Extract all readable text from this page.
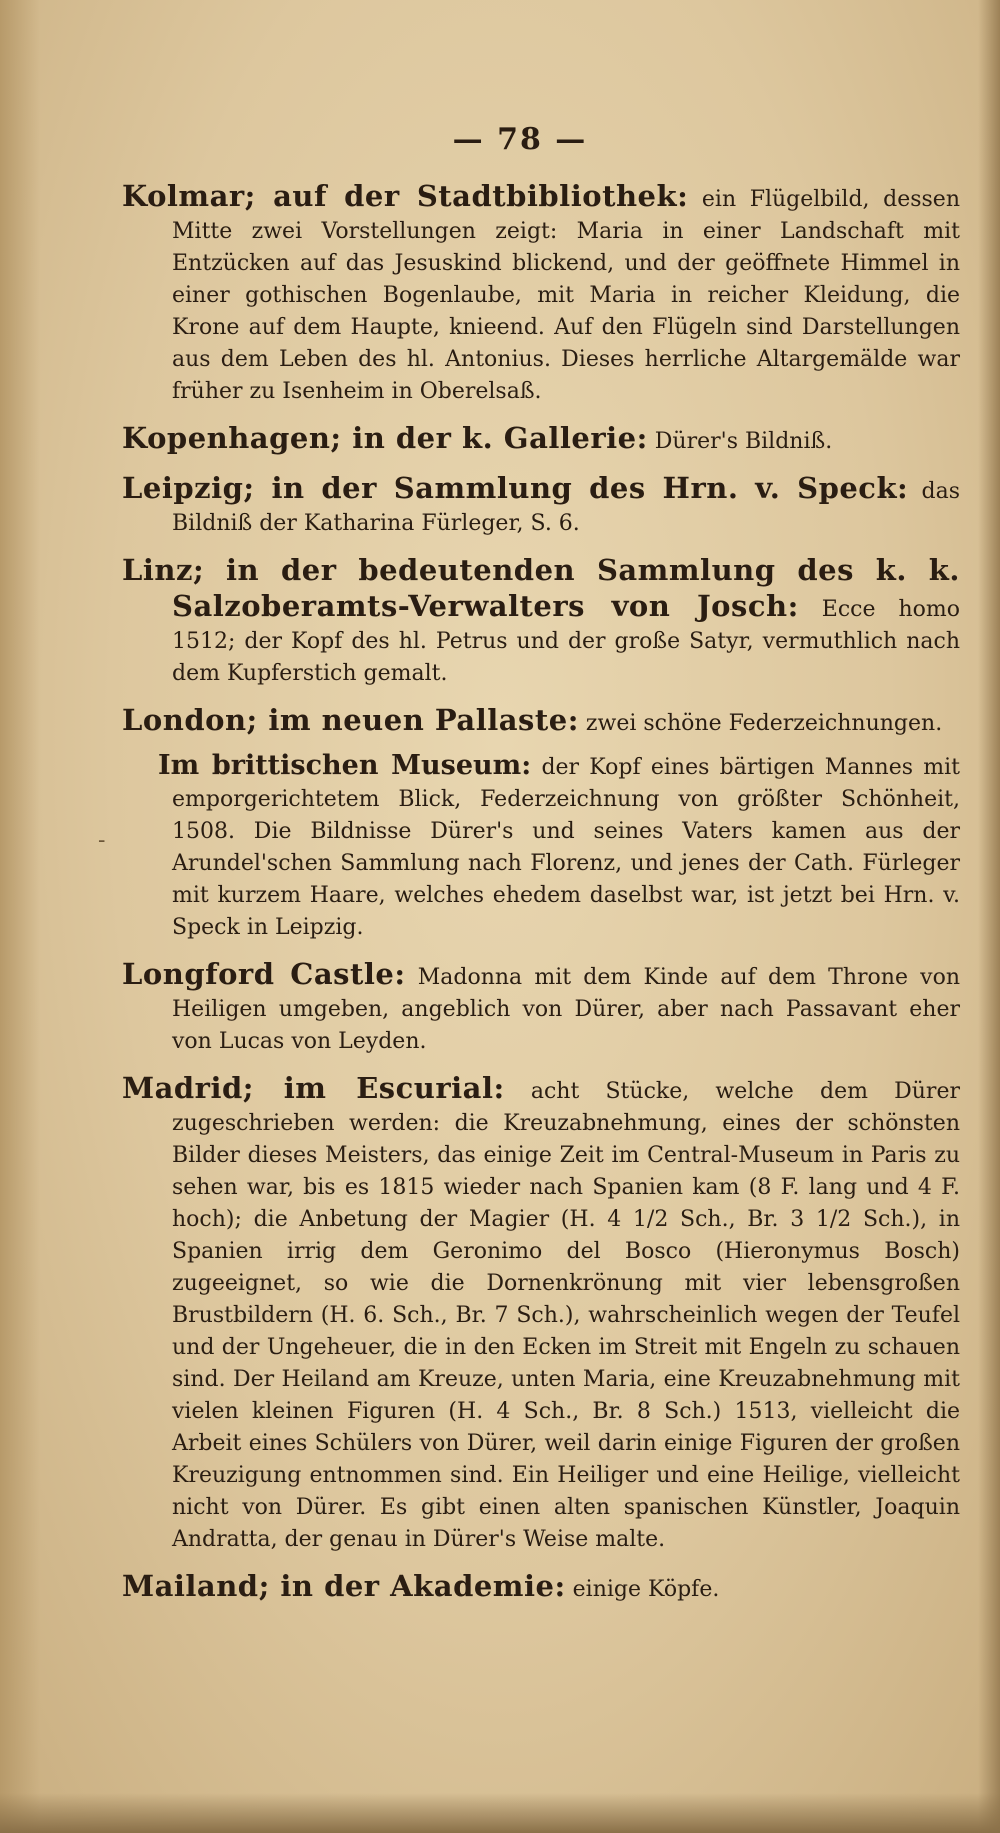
— 78 —
-

Kolmar; auf der Stadtbibliothek: ein Flügelbild, dessen Mitte zwei Vorstellungen zeigt: Maria in einer Landschaft mit Entzücken auf das Jesuskind blickend, und der geöffnete Himmel in einer gothischen Bogenlaube, mit Maria in reicher Kleidung, die Krone auf dem Haupte, knieend. Auf den Flügeln sind Darstellungen aus dem Leben des hl. Antonius. Dieses herrliche Altargemälde war früher zu Isenheim in Oberelsaß.

Kopenhagen; in der k. Gallerie: Dürer's Bildniß.

Leipzig; in der Sammlung des Hrn. v. Speck: das Bildniß der Katharina Fürleger, S. 6.

Linz; in der bedeutenden Sammlung des k. k. Salzoberamts-Verwalters von Josch: Ecce homo 1512; der Kopf des hl. Petrus und der große Satyr, vermuthlich nach dem Kupferstich gemalt.

London; im neuen Pallaste: zwei schöne Federzeichnungen.

Im brittischen Museum: der Kopf eines bärtigen Mannes mit emporgerichtetem Blick, Federzeichnung von größter Schönheit, 1508. Die Bildnisse Dürer's und seines Vaters kamen aus der Arundel'schen Sammlung nach Florenz, und jenes der Cath. Fürleger mit kurzem Haare, welches ehedem daselbst war, ist jetzt bei Hrn. v. Speck in Leipzig.

Longford Castle: Madonna mit dem Kinde auf dem Throne von Heiligen umgeben, angeblich von Dürer, aber nach Passavant eher von Lucas von Leyden.

Madrid; im Escurial: acht Stücke, welche dem Dürer zugeschrieben werden: die Kreuzabnehmung, eines der schönsten Bilder dieses Meisters, das einige Zeit im Central-Museum in Paris zu sehen war, bis es 1815 wieder nach Spanien kam (8 F. lang und 4 F. hoch); die Anbetung der Magier (H. 4 1/2 Sch., Br. 3 1/2 Sch.), in Spanien irrig dem Geronimo del Bosco (Hieronymus Bosch) zugeeignet, so wie die Dornenkrönung mit vier lebensgroßen Brustbildern (H. 6. Sch., Br. 7 Sch.), wahrscheinlich wegen der Teufel und der Ungeheuer, die in den Ecken im Streit mit Engeln zu schauen sind. Der Heiland am Kreuze, unten Maria, eine Kreuzabnehmung mit vielen kleinen Figuren (H. 4 Sch., Br. 8 Sch.) 1513, vielleicht die Arbeit eines Schülers von Dürer, weil darin einige Figuren der großen Kreuzigung entnommen sind. Ein Heiliger und eine Heilige, vielleicht nicht von Dürer. Es gibt einen alten spanischen Künstler, Joaquin Andratta, der genau in Dürer's Weise malte.

Mailand; in der Akademie: einige Köpfe.
